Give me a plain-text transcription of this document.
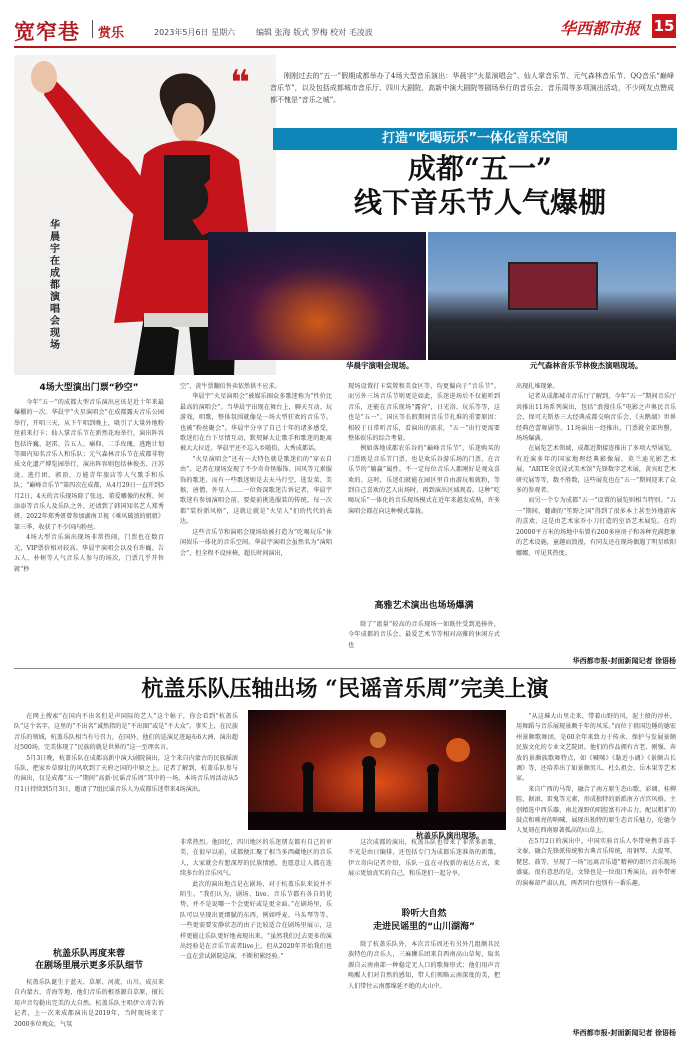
宽窄巷 赏乐	2023年5月6日 星期六	编辑 张海 版式 罗梅 校对 毛凌波	华西都市报 15
华晨宇在成都演唱会现场
❝	刚刚过去的“五一”假期成都举办了4场大型音乐演出：华晨宇“火星演唱会”、仙人掌音乐节、元气森林音乐节、QQ音乐“巅峰音乐节”，以及包括成都城市音乐厅、四川大剧院、高新中演大剧院等剧场举行的音乐会、音乐周等多项演出活动，不少网友点赞成都不愧是“音乐之城”。

打造“吃喝玩乐”一体化音乐空间
成都“五一”
线下音乐节人气爆棚
华晨宇演唱会现场。	元气森林音乐节林俊杰演唱现场。
4场大型演出门票“秒空”

今年“五一”的成都大型音乐演出应该是近十年来最爆棚的一次。华晨宇“火星演唱会”在成都露天音乐公园举行，开唱三天，从下午唱到晚上，吸引了大量外地粉丝前来打卡；仙人掌音乐节在新然花海举行，演出阵容包括许巍、赵雷、告五人、痛仰、二手玫瑰、逃跑计划等圈内知名音乐人和乐队；元气森林音乐节在成都非物质文化遗产博览园举行，演出阵容则包括林俊杰、汪苏泷、逃行团、郭顶、万能青年旅店等人气歌手和乐队；“巅峰音乐节”第四次在成都，从4月29日一直开到5月2日，4天的音乐现场除了张远、董爱雕像的权利、何添添等音乐人及乐队之外，还请到了韩国知名艺人郑秀妍。2022年郑秀妍曾参加湖南卫视《乘风破浪的姐姐》第三季，收获了不少国内粉丝。

4场大型音乐演出现场非常热闹，门票也在数百元、VIP票价相对较高。华晨宇演唱会以及有许巍、告五人、朴树等人气音乐人参与的场次，门票几乎开售就“秒

空”，黄牛票翻倍售卖依然供不应求。

华晨宇“火星演唱会”被媒乐圈众多歌迷称为“性价比最高的演唱会”。当华晨宇出现在舞台上，聊天互动、玩游戏，唱歌，整体氛围就像是一场大型狂欢的音乐节。也被“粉丝聚会”。华晨宇分享了自己十年的诸多感受，歌迷们在台下尽情互动，默契鲜大让歌手和歌迷的距离被大大拉近。华晨宇还不忘入乡随俗，大秀成都话。

“火星演唱会”还有一大特色就是歌迷们的“穿衣自由”。记者在现场发现了不少奇奇怪服饰、国风等元素服饰的歌迷，而有一些歌迷则是去天马行空，选发菜、美猴、唐僧、外星人……一位资深歌迷告诉记者，华晨宇歌迷有参加演唱会前，要提前挑选服装的传统，每一次都“装扮新风格”，这就让就是“火星人”们的代代的表达。

这些音乐节和演唱会现场给被打造为“吃喝玩乐”休闲娱乐一体化的音乐空间。华晨宇演唱会虽然名为“演唱会”，但全程不设座椅，超长时间演出，

现场设置打卡装置和美食区等，均更偏向于“音乐节”。而另外三场音乐节则更是如此，乐迷进场后不仅能听到音乐，还能在音乐现场“露营”，日光浴、玩乐等等，这也是“五一”，国庆等长假期间音乐节扎堆的重要原因：相较于日常听音乐，看演出的需求，“五一”出行更需要整体娱乐的综合考量。

例如落地成都农乐谷的“巅峰音乐节”，乐迷购买的门票既是音乐节门票，也是欢乐谷游乐场的门票，在音乐节的“躺赢”属性，不一定每位音乐人都刚好是观众喜欢的。这时，乐迷们就能在园区里自由游玩和就粉，等到自己喜欢的艺人出场时，再到演出区域观看。这种“吃喝玩乐”一体化的音乐现场模式在近年来越发成熟，许多演唱会都在向这种模式靠拢。

高雅艺术演出也场场爆满

除了“流量”较高的音乐现场一如既往受到追捧外，今年成都的音乐会、最爱艺术节等相对高雅的休闲方式也

出现扎堆现象。

记者从成都城市音乐厅了解到，今年“五一”期间音乐厅共推出11场系列演出，包括“浪漫佳乐”电影之声奥民音乐会、保可夫斯基三大经典成都交响音乐会、《天鹅湖》世界经典芭蕾舞剧等。11场演出一经推出，门票就全部售罄，场场爆满。

在展览艺术领域，成都近期接连推出了多项大型展览，有近演多年的国家地理经典影像展、莫兰迪光影艺术展、“ARTE全沉浸式美术馆”先锋数字艺术展，黄宾虹艺术研究展等等，数不胜数，这些展览也在“五一”期间迎来了众多的参观者。

而另一个专为成都“五一”设置的展览则相当特别。“五一”期间，麓湖的“笙野之国”得到了很多本土甚至外地游客的喜欢，这是由艺术家乔小刀打造的室语艺术展览。在约20000平方米的场地中布置有260多座房子和各种充满想象的艺术设施，童趣而浪漫，有同友还在现场偶遇了明星欧阳娜娜，可见其热度。

华西都市报-封面新闻记者 徐语杨
杭盖乐队压轴出场 “民谣音乐周”完美上演
杭盖乐队演出现场。

在网上搜索“在国内不出名但是声国际的艺人”这个帖子，你会看到“杭盖乐队”这个名字。这里的“不出名”诚然指的是“不出圈”或是“不大众”。事实上，在民族音乐的领域，杭盖乐队相当有号召力，在国外，他们的巡演足迹遍布6大洲，演出超过500场，完美体现了“民族的就是世界的”这一至理名言。

5月3日晚，杭盖乐队在成都高新中演大剧院演出，这个来自内蒙古的民族摇滚乐队，把家乡草原壮的风吹到了天府之国的中原之上。记者了解到，杭盖乐队参与的演出，仅是成都“五一”期间“高新·民谣音乐周”其中的一场，本场音乐周活动从5月1日持续到5月3日，邀请了7组民谣音乐人为成都乐迷带来4场演出。

杭盖乐队再度来蓉
在剧场里展示更多乐队细节

杭盖乐队诞生于蓝天、草原、河流、山川，成员来自内蒙古、青海等地，他们音乐的根基源自草原，擅长用声音勾勒出完美的大自然。杭盖乐队主唱伊立奇告诉记者，上一次来成都演出是2019年，当时现场来了2000多位观众，气氛

非常热烈。他回忆，四川地区的乐迷朋友都有自己的审美，在很早以前，成都便汇聚了相当多西藏地区的音乐人，大家就会有想深厚的民族情感，也愿意让人都在连续多台的音乐风气。

此次的演出地点是在剧场，对于杭盖乐队来说并不陌生。“我们认为，剧场、live、音乐节都有各自的优势，并不是说哪一个会更好或是更全面。”在剧场里，乐队可以呈现出更细腻的东西，例如呼麦、马头琴等等。一些更需要安静状态的由子比较适合在剧场里展示，这样更能让乐队更好地表现出来。“虽然我们过去更多的演出经验是在音乐节或者live上，但从2020年开始我们也一直在尝试剧院巡演，不断积累经验。”

这次成都的演出，杭盖乐队也带来了非常多新歌，不光是由日编排，还包括专门为成都乐迷准备的新歌。伊立奇向记者介绍，乐队一直在寻找新的表达方式，来展示更加真实的自己，和乐迷们一起分享。

聆听大自然
走进民谣里的“山川湖海”

除了杭盖乐队外，本次音乐周还有另外几组颇具民族特色的音乐人，三麻狮乐团来自西南高山草甸，取名源自云南南部一种稳定无人口的歌舞形式；他们用声音唤醒人们对自然的感知，带人们领略云南深度的美，把人们带往云南那绵延不绝的大山中。

“从这璀大山里走来，带着山野的风，泥土般的淳朴，用舞蹈与音乐展现景颇千年的风采。”而位于祖国边陲的德宏州景颇歌舞团，是60余年来致力于传承、保护与发展景颇民族文化的专业文艺院团。他们的作品拥有古老、刚强、奔放的景颇族歌舞特点，如《喊嗦》《勒近小调》《景颇吉长调》等，还培养出了如景颇男儿、杜么祖会、岳木果等艺术家。

来自广西的马帮，融合了南方原生态山歌、彩调、桂柳腔、据滚、雷鬼等元素，形成独特的新派南方古宫风格。主创精选中西乐器，南北视野的唱腔富有冲击力，配以粗犷的鼓点和唢亮的呐喊，展现出独特的原生态音乐魅力，伦德令人复刻在西南原著孤高的山草上。

在5月2日的演出中，中国实验音乐人李带寒携手鼓手文秦，融合先锋派传统和古典音乐传统，用钢琴、大提琴、琵琶、鼓等，呈现了一场“远离音乐道”精神的即兴音乐现场盛宴。很有意思的是，文锋也是一位很口秀演员，而李带寒的演奏却严肃认真，两者同台也别有一番乐趣。

华西都市报-封面新闻记者 徐语杨
